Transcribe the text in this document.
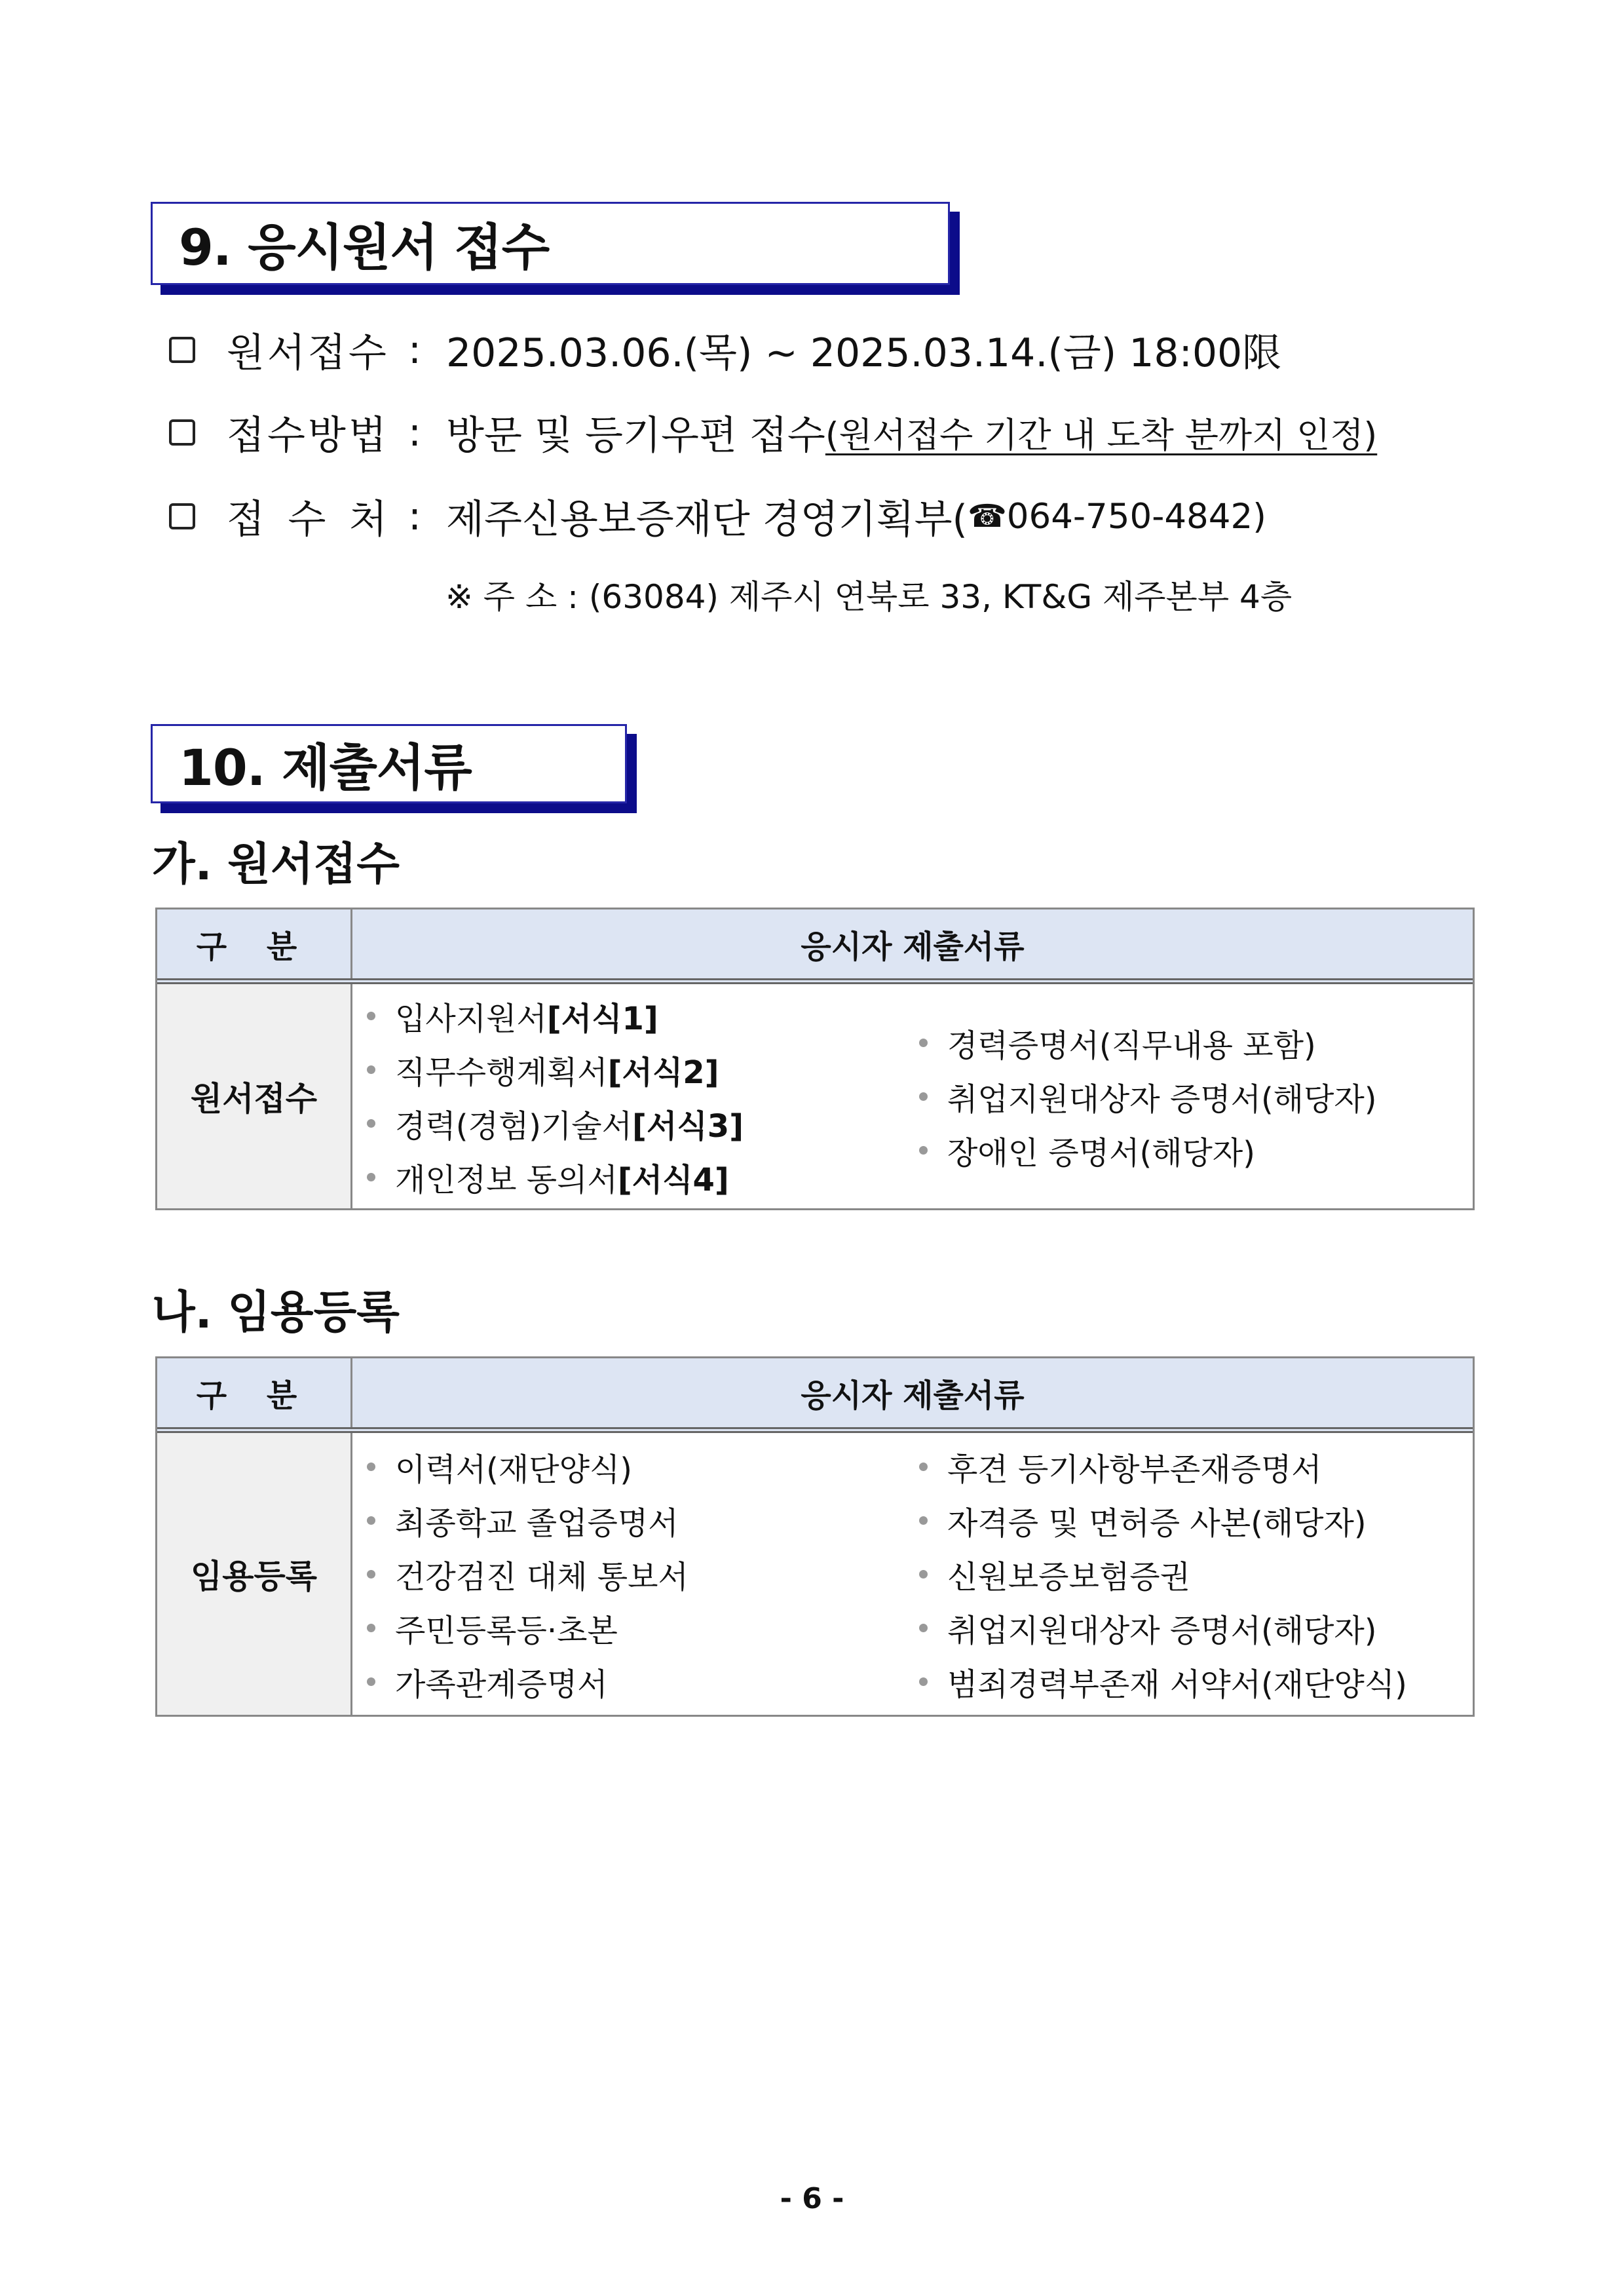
9. 응시원서 접수
원서접수 : 2025.03.06.(목) ~ 2025.03.14.(금) 18:00限
접수방법 : 방문 및 등기우편 접수 (원서접수 기간 내 도착 분까지 인정)
접 수 처 : 제주신용보증재단 경영기획부( ☎ 064-750-4842)
※ 주 소 : (63084) 제주시 연북로 33, KT&G 제주본부 4층
10. 제출서류
가. 원서접수
구 분	응시자 제출서류
원서접수
입사지원서 [서식1]
직무수행계획서 [서식2]
경력(경험)기술서 [서식3]
개인정보 동의서 [서식4]
경력증명서(직무내용 포함)
취업지원대상자 증명서(해당자)
장애인 증명서(해당자)
나. 임용등록
구 분	응시자 제출서류
임용등록
이력서(재단양식)
최종학교 졸업증명서
건강검진 대체 통보서
주민등록등·초본
가족관계증명서
후견 등기사항부존재증명서
자격증 및 면허증 사본(해당자)
신원보증보험증권
취업지원대상자 증명서(해당자)
범죄경력부존재 서약서(재단양식)
- 6 -
